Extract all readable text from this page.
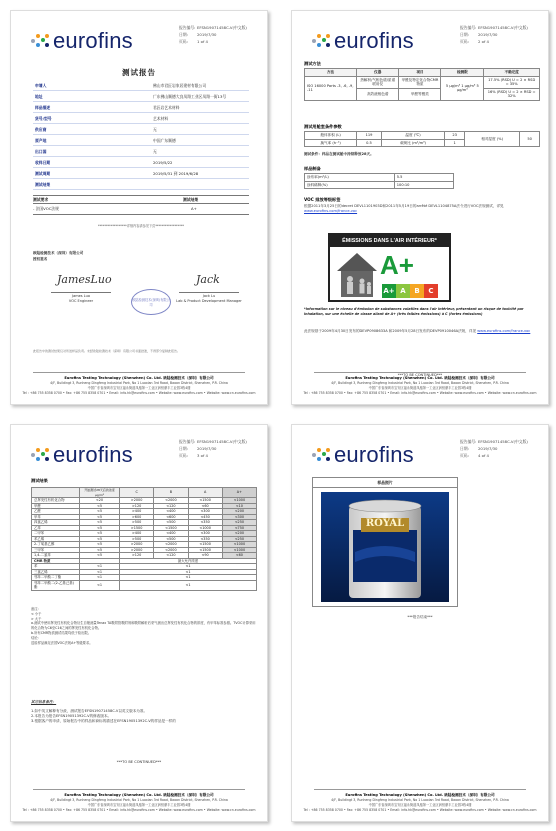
eurofins
报告编号: EFSN19071458C-V(中文版)
日期: 2019/7/30
页码: 1 of 4
测试报告
申请人	佛山市君匠岩家居建材有限公司
地址	广东佛山顺德大良凤翔工业区凤翔一街13号
样品描述	君匠岩艺术材料
货号/型号	艺术材料
供应商	无
原产地	中国广东顺德
出口国	无
收样日期	2019/5/22
测试周期	2019/5/31 到 2019/6/28
测试结果
测试要求	测试结果
- 法国VOC法规	A+
******************详细内容请参见下页******************
欧陆检测技术（深圳）有限公司
授权签名
JamesLuo	Jack
欧陆检测技术(深圳)有限公司
James Luo
VOC Engineer
Jack Lu
Lab & Product Development Manager
此报告中的测试结果仅对所送样品负责。未经欧陆检测技术（深圳）有限公司书面批准，不得部分复制此报告。
Eurofins Testing Technology (Shenzhen) Co. Ltd. 欧陆检测技术（深圳）有限公司
4/F, Buildingt 3, Runheng Dingfeng Industrial Park, No 1 Luoxian 3rd Road, Baoan District, Shenzhen, P.R. China
中国广东省深圳市宝安区福永街道凤凰第一工业区润恒鼎丰工业园3栋4楼
Tel : +86 755 8358 0700 • Fax: +86 755 8358 0701 • Email: info.hk@eurofins.com • Website: www.eurofins.com • Website: www.cn.eurofins.com
eurofins
报告编号: EFSN19071458C-V(中文版)
日期: 2019/7/30
页码: 2 of 4
测试方法
方法	仪器	项目	检测限	不确定度
ISO 16000 Parts -3, -6, -9, -11	热解析/气相色谱/质谱联用仪	甲醛及特定化合物CMR物质	5 μg/m³ 1 μg/m³ 5 μg/m³	17.5% (RSD) U = 2 × RSD = 35%
	高效液相色谱	甲醛等醛类		16% (RSD) U = 2 × RSD = 32%
测试用舱室条件参数
舱体体积 (L)	119	温度 (℃)	23	相对湿度 (%)	50
换气率 (h⁻¹)	0.5	载荷比 (m²/m³)	1		
测试条件：样品在测试舱中持续释放28天。
样品制备
涂布率(m²/L)	5.5
涂料稀释(%)	100:10
VOC 排放等级标签
根据2011年3月25日的decret DEVL1101903D和2011年5月19日的arrêté DEVL1104875A法令进行VOC法规测试，详见 www.eurofins.com/france-voc
ÉMISSIONS DANS L'AIR INTÉRIEUR*
A+
A+ A	B	C
*Information sur le niveau d'émission de substances volatiles dans l'air intérieur, présentant un risque de toxicité par inhalation, sur une échelle de classe allant de A+ (très faibles émissions) à C (fortes émissions)
此法规基于2009年4月30日发布的DEVP0908633A 和2009年5月28日发布的DEVP0910046A法规，详见 www.eurofins.com/france-voc
***TO BE CONTINUED***
Eurofins Testing Technology (Shenzhen) Co. Ltd. 欧陆检测技术（深圳）有限公司
4/F, Buildingt 3, Runheng Dingfeng Industrial Park, No 1 Luoxian 3rd Road, Baoan District, Shenzhen, P.R. China
中国广东省深圳市宝安区福永街道凤凰第一工业区润恒鼎丰工业园3栋4楼
Tel : +86 755 8358 0700 • Fax: +86 755 8358 0701 • Email: info.hk@eurofins.com • Website: www.eurofins.com • Website: www.cn.eurofins.com
eurofins
报告编号: EFSN19071458C-V(中文版)
日期: 2019/7/30
页码: 3 of 4
测试结果
	开始测试28天后的浓度 µg/m³	C	B	A	A+
总挥发性有机化合物	<20	>2000	<2000	<1500	<1000
甲醛	<5	>120	<120	<60	<10
乙醛	<5	>400	<400	<300	<200
甲苯	<5	>600	<600	<450	<300
四氯乙烯	<5	>500	<500	<350	<250
乙苯	<5	>1500	<1500	<1000	<750
二甲苯	<5	>400	<400	<300	<200
苯乙烯	<5	>500	<500	<350	<250
2-丁氧基乙醇	<5	>2000	<2000	<1500	<1000
三甲苯	<5	>2000	<2000	<1500	<1000
1,4-二氯苯	<5	>120	<120	<90	<60
CMR 物质		最大允许浓度			
苯	<1	<1			
三氯乙烯	<1	<1			
邻苯二甲酸二丁酯	<1	<1			
邻苯二甲酸二(2-乙基己基)酯	<1	<1			
备注：
< 小于
> 大于
a.测试中使用挥发性有机化合物衍生自舱测量Tenax TA吸附管吸附剂和吸附解析后采气测出总挥发性有机化合物的浓度，有甲苯标准参照。TVOC计算采用的化合物为C6至C16之间的挥发性有机化合物。
b.所有CMR物质测试结果均低于检出限。
结论：
送检样品满足法国VOC法规A+等级要求。
其它信息备注：
1.如中英文解释有分歧，测试报告EFSN19071458C-V以英文版本为准。
2.本报告为报告EFSN19051392C-V的修改版本。
3.根据客户的申请，原始报告中的样品和商标的描述在EFSN19051392C-V的样品是一样的
***TO BE CONTINUED***
Eurofins Testing Technology (Shenzhen) Co. Ltd. 欧陆检测技术（深圳）有限公司
4/F, Buildingt 3, Runheng Dingfeng Industrial Park, No 1 Luoxian 3rd Road, Baoan District, Shenzhen, P.R. China
中国广东省深圳市宝安区福永街道凤凰第一工业区润恒鼎丰工业园3栋4楼
Tel : +86 755 8358 0700 • Fax: +86 755 8358 0701 • Email: info.hk@eurofins.com • Website: www.eurofins.com • Website: www.cn.eurofins.com
eurofins
报告编号: EFSN19071458C-V(中文版)
日期: 2019/7/30
页码: 4 of 4
样品照片
ROYAL
***报告结束***
Eurofins Testing Technology (Shenzhen) Co. Ltd. 欧陆检测技术（深圳）有限公司
4/F, Buildingt 3, Runheng Dingfeng Industrial Park, No 1 Luoxian 3rd Road, Baoan District, Shenzhen, P.R. China
中国广东省深圳市宝安区福永街道凤凰第一工业区润恒鼎丰工业园3栋4楼
Tel : +86 755 8358 0700 • Fax: +86 755 8358 0701 • Email: info.hk@eurofins.com • Website: www.eurofins.com • Website: www.cn.eurofins.com
